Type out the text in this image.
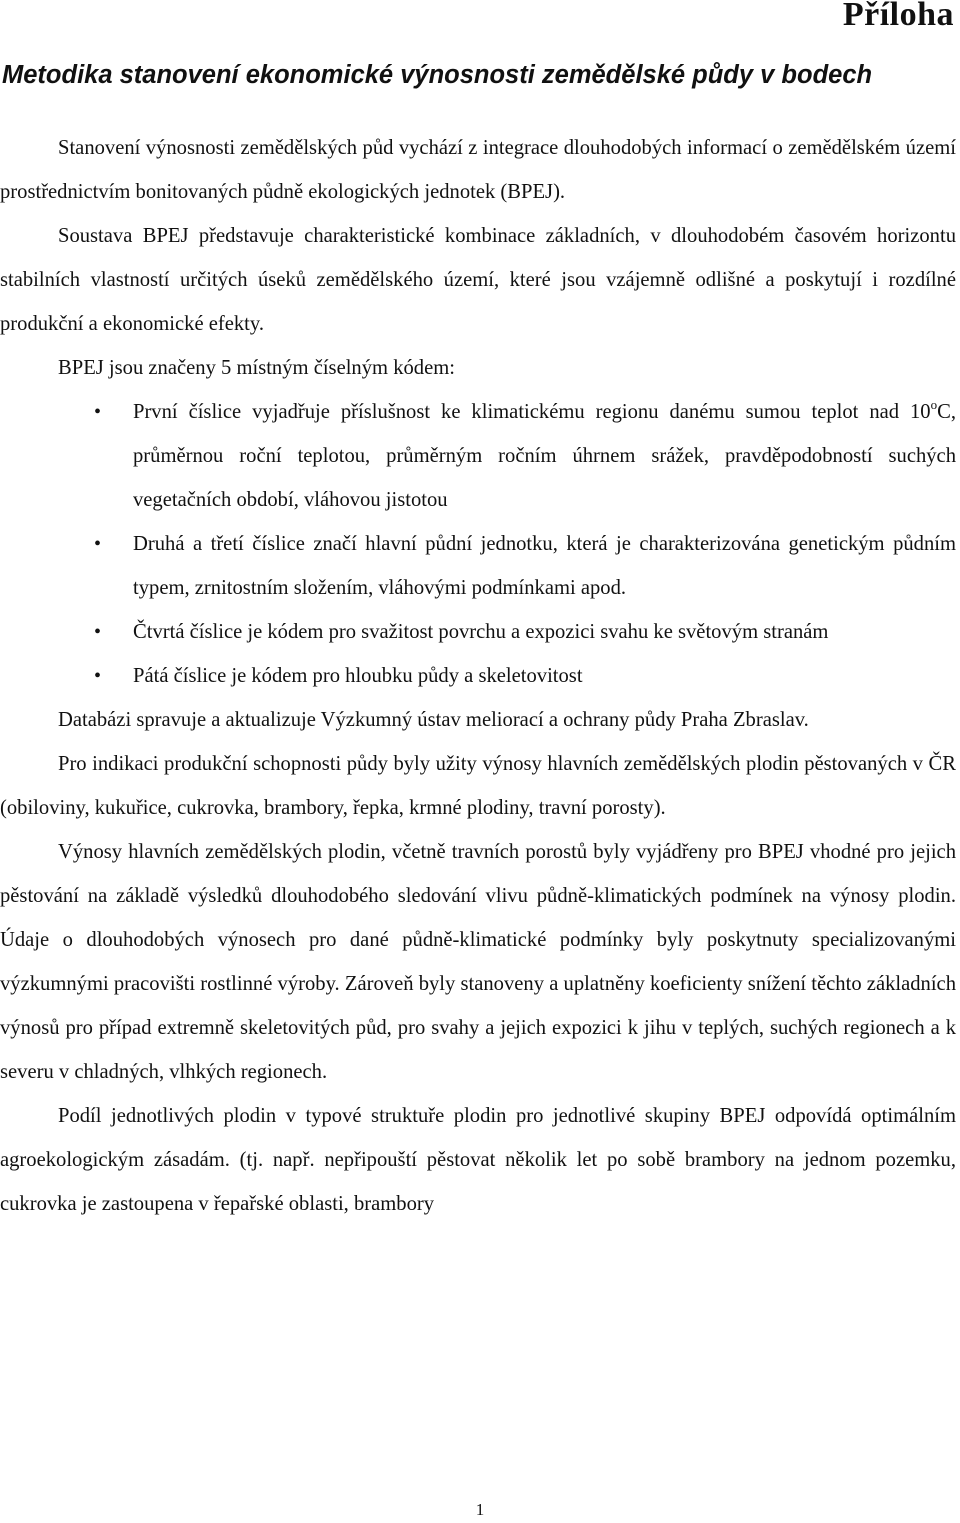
Příloha
Metodika stanovení ekonomické výnosnosti zemědělské půdy v bodech

Stanovení výnosnosti zemědělských půd vychází z integrace dlouhodobých informací o zemědělském území prostřednictvím bonitovaných půdně ekologických jednotek (BPEJ).

Soustava BPEJ představuje charakteristické kombinace základních, v dlouhodobém časovém horizontu stabilních vlastností určitých úseků zemědělského území, které jsou vzájemně odlišné a poskytují i rozdílné produkční a ekonomické efekty.

BPEJ jsou značeny 5 místným číselným kódem:

• První číslice vyjadřuje příslušnost ke klimatickému regionu danému sumou teplot nad 10$^o$C, průměrnou roční teplotou, průměrným ročním úhrnem srážek, pravděpodobností suchých vegetačních období, vláhovou jistotou
• Druhá a třetí číslice značí hlavní půdní jednotku, která je charakterizována genetickým půdním typem, zrnitostním složením, vláhovými podmínkami apod.
• Čtvrtá číslice je kódem pro svažitost povrchu a expozici svahu ke světovým stranám
• Pátá číslice je kódem pro hloubku půdy a skeletovitost

Databázi spravuje a aktualizuje Výzkumný ústav meliorací a ochrany půdy Praha Zbraslav.

Pro indikaci produkční schopnosti půdy byly užity výnosy hlavních zemědělských plodin pěstovaných v ČR (obiloviny, kukuřice, cukrovka, brambory, řepka, krmné plodiny, travní porosty).

Výnosy hlavních zemědělských plodin, včetně travních porostů byly vyjádřeny pro BPEJ vhodné pro jejich pěstování na základě výsledků dlouhodobého sledování vlivu půdně-klimatických podmínek na výnosy plodin. Údaje o dlouhodobých výnosech pro dané půdně-klimatické podmínky byly poskytnuty specializovanými výzkumnými pracovišti rostlinné výroby. Zároveň byly stanoveny a uplatněny koeficienty snížení těchto základních výnosů pro případ extremně skeletovitých půd, pro svahy a jejich expozici k jihu v teplých, suchých regionech a k severu v chladných, vlhkých regionech.

Podíl jednotlivých plodin v typové struktuře plodin pro jednotlivé skupiny BPEJ odpovídá optimálním agroekologickým zásadám. (tj. např. nepřipouští pěstovat několik let po sobě brambory na jednom pozemku, cukrovka je zastoupena v řepařské oblasti, brambory

1
